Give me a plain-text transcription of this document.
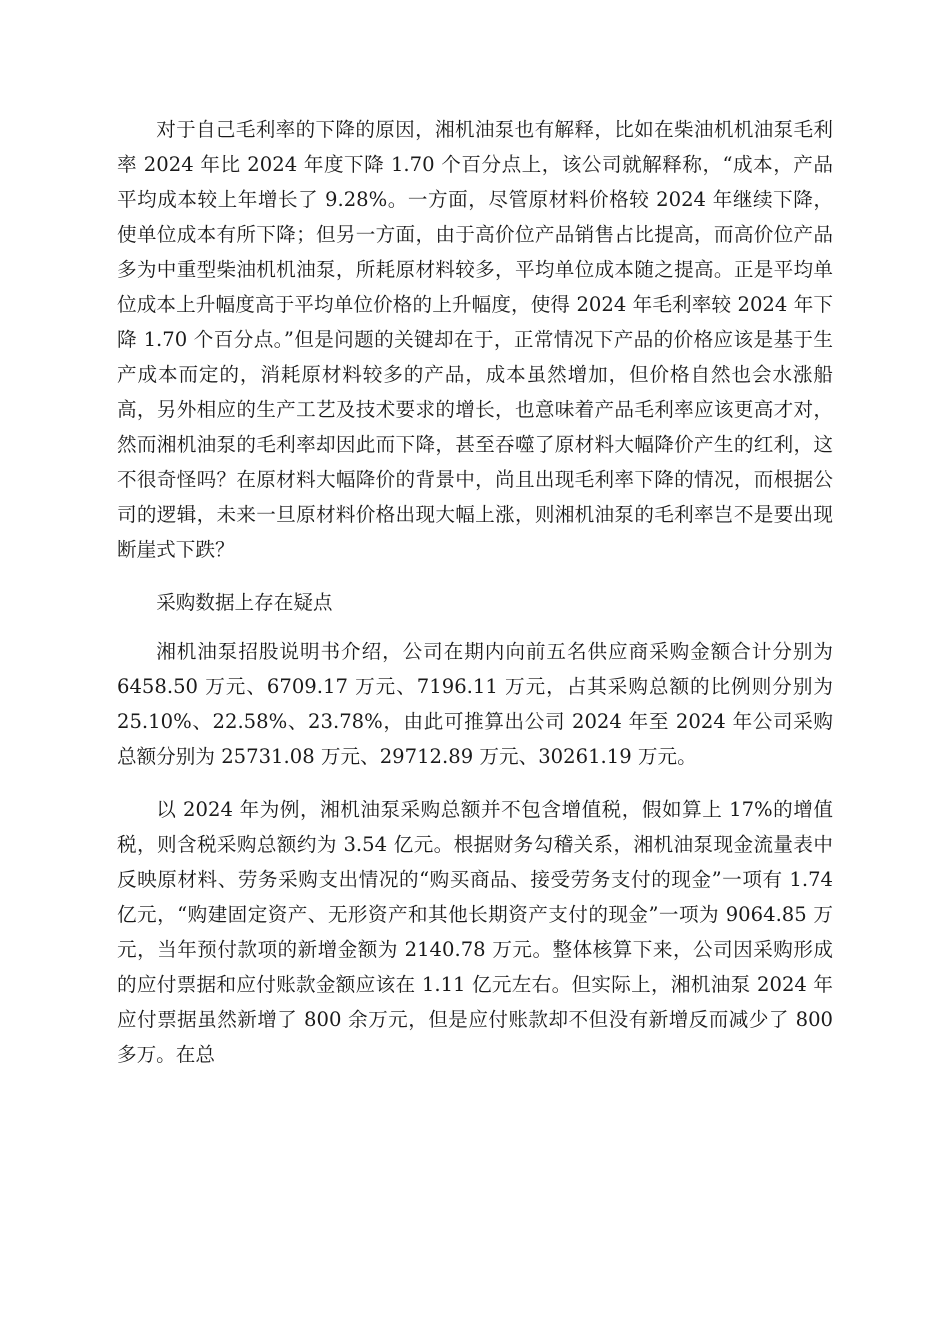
对于自己毛利率的下降的原因，湘机油泵也有解释，比如在柴油机机油泵毛利率 2024 年比 2024 年度下降 1.70 个百分点上，该公司就解释称，“成本，产品平均成本较上年增长了 9.28%。一方面，尽管原材料价格较 2024 年继续下降，使单位成本有所下降；但另一方面，由于高价位产品销售占比提高，而高价位产品多为中重型柴油机机油泵，所耗原材料较多，平均单位成本随之提高。正是平均单位成本上升幅度高于平均单位价格的上升幅度，使得 2024 年毛利率较 2024 年下降 1.70 个百分点。”但是问题的关键却在于，正常情况下产品的价格应该是基于生产成本而定的，消耗原材料较多的产品，成本虽然增加，但价格自然也会水涨船高，另外相应的生产工艺及技术要求的增长，也意味着产品毛利率应该更高才对，然而湘机油泵的毛利率却因此而下降，甚至吞噬了原材料大幅降价产生的红利，这不很奇怪吗？在原材料大幅降价的背景中，尚且出现毛利率下降的情况，而根据公司的逻辑，未来一旦原材料价格出现大幅上涨，则湘机油泵的毛利率岂不是要出现断崖式下跌？

采购数据上存在疑点

湘机油泵招股说明书介绍，公司在期内向前五名供应商采购金额合计分别为 6458.50 万元、6709.17 万元、7196.11 万元，占其采购总额的比例则分别为 25.10%、22.58%、23.78%，由此可推算出公司 2024 年至 2024 年公司采购总额分别为 25731.08 万元、29712.89 万元、30261.19 万元。

以 2024 年为例，湘机油泵采购总额并不包含增值税，假如算上 17%的增值税，则含税采购总额约为 3.54 亿元。根据财务勾稽关系，湘机油泵现金流量表中反映原材料、劳务采购支出情况的“购买商品、接受劳务支付的现金”一项有 1.74 亿元，“购建固定资产、无形资产和其他长期资产支付的现金”一项为 9064.85 万元，当年预付款项的新增金额为 2140.78 万元。整体核算下来，公司因采购形成的应付票据和应付账款金额应该在 1.11 亿元左右。但实际上，湘机油泵 2024 年应付票据虽然新增了 800 余万元，但是应付账款却不但没有新增反而减少了 800 多万。在总
